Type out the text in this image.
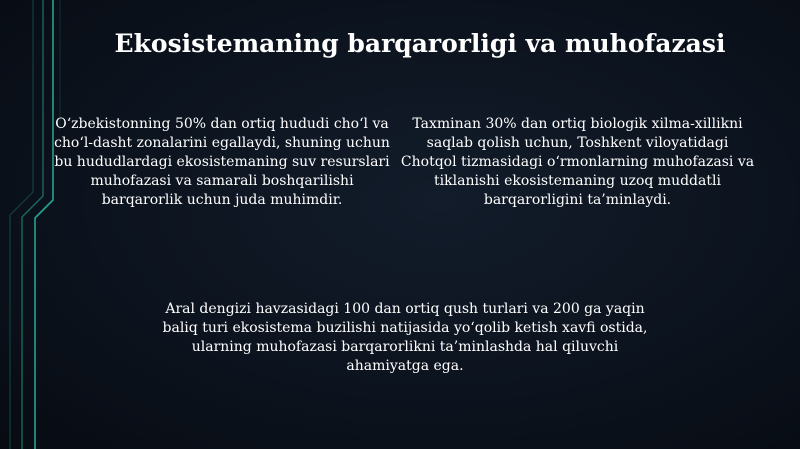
Ekosistemaning barqarorligi va muhofazasi
O‘zbekistonning 50% dan ortiq hududi cho‘l va cho‘l-dasht zonalarini egallaydi, shuning uchun bu hududlardagi ekosistemaning suv resurslari muhofazasi va samarali boshqarilishi barqarorlik uchun juda muhimdir.
Taxminan 30% dan ortiq biologik xilma-xillikni saqlab qolish uchun, Toshkent viloyatidagi Chotqol tizmasidagi o‘rmonlarning muhofazasi va tiklanishi ekosistemaning uzoq muddatli barqarorligini ta’minlaydi.
Aral dengizi havzasidagi 100 dan ortiq qush turlari va 200 ga yaqin baliq turi ekosistema buzilishi natijasida yo‘qolib ketish xavfi ostida, ularning muhofazasi barqarorlikni ta’minlashda hal qiluvchi ahamiyatga ega.
